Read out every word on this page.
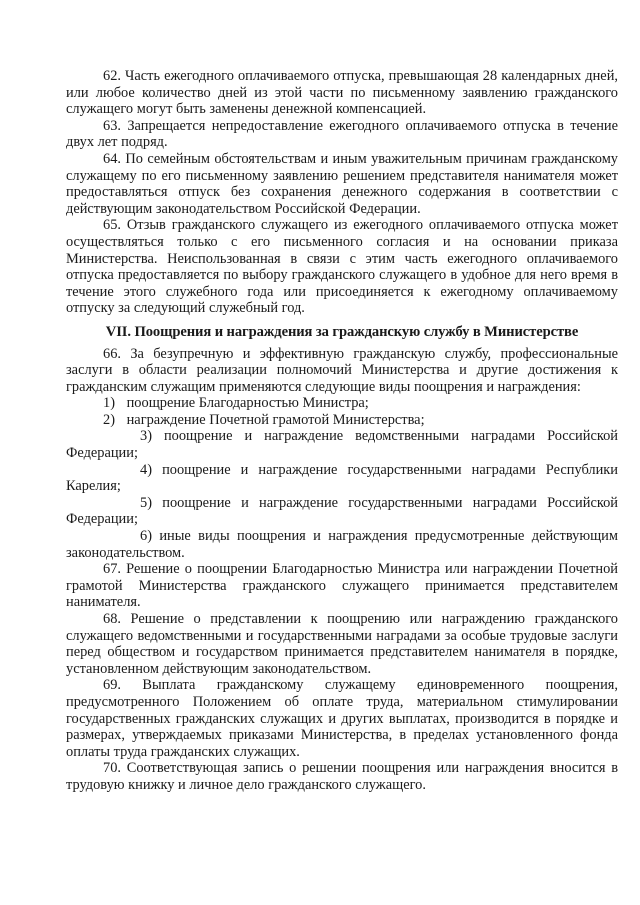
62. Часть ежегодного оплачиваемого отпуска, превышающая 28 календарных дней, или любое количество дней из этой части по письменному заявлению гражданского служащего могут быть заменены денежной компенсацией.

63. Запрещается непредоставление ежегодного оплачиваемого отпуска в течение двух лет подряд.

64. По семейным обстоятельствам и иным уважительным причинам гражданскому служащему по его письменному заявлению решением представителя нанимателя может предоставляться отпуск без сохранения денежного содержания в соответствии с действующим законодательством Российской Федерации.

65. Отзыв гражданского служащего из ежегодного оплачиваемого отпуска может осуществляться только с его письменного согласия и на основании приказа Министерства. Неиспользованная в связи с этим часть ежегодного оплачиваемого отпуска предоставляется по выбору гражданского служащего в удобное для него время в течение этого служебного года или присоединяется к ежегодному оплачиваемому отпуску за следующий служебный год.

VII. Поощрения и награждения за гражданскую службу в Министерстве

66. За безупречную и эффективную гражданскую службу, профессиональные заслуги в области реализации полномочий Министерства и другие достижения к гражданским служащим применяются следующие виды поощрения и награждения:

1) поощрение Благодарностью Министра;

2) награждение Почетной грамотой Министерства;

3) поощрение и награждение ведомственными наградами Российской Федерации;

4) поощрение и награждение государственными наградами Республики Карелия;

5) поощрение и награждение государственными наградами Российской Федерации;

6) иные виды поощрения и награждения предусмотренные действующим законодательством.

67. Решение о поощрении Благодарностью Министра или награждении Почетной грамотой Министерства гражданского служащего принимается представителем нанимателя.

68. Решение о представлении к поощрению или награждению гражданского служащего ведомственными и государственными наградами за особые трудовые заслуги перед обществом и государством принимается представителем нанимателя в порядке, установленном действующим законодательством.

69. Выплата гражданскому служащему единовременного поощрения, предусмотренного Положением об оплате труда, материальном стимулировании государственных гражданских служащих и других выплатах, производится в порядке и размерах, утверждаемых приказами Министерства, в пределах установленного фонда оплаты труда гражданских служащих.

70. Соответствующая запись о решении поощрения или награждения вносится в трудовую книжку и личное дело гражданского служащего.
